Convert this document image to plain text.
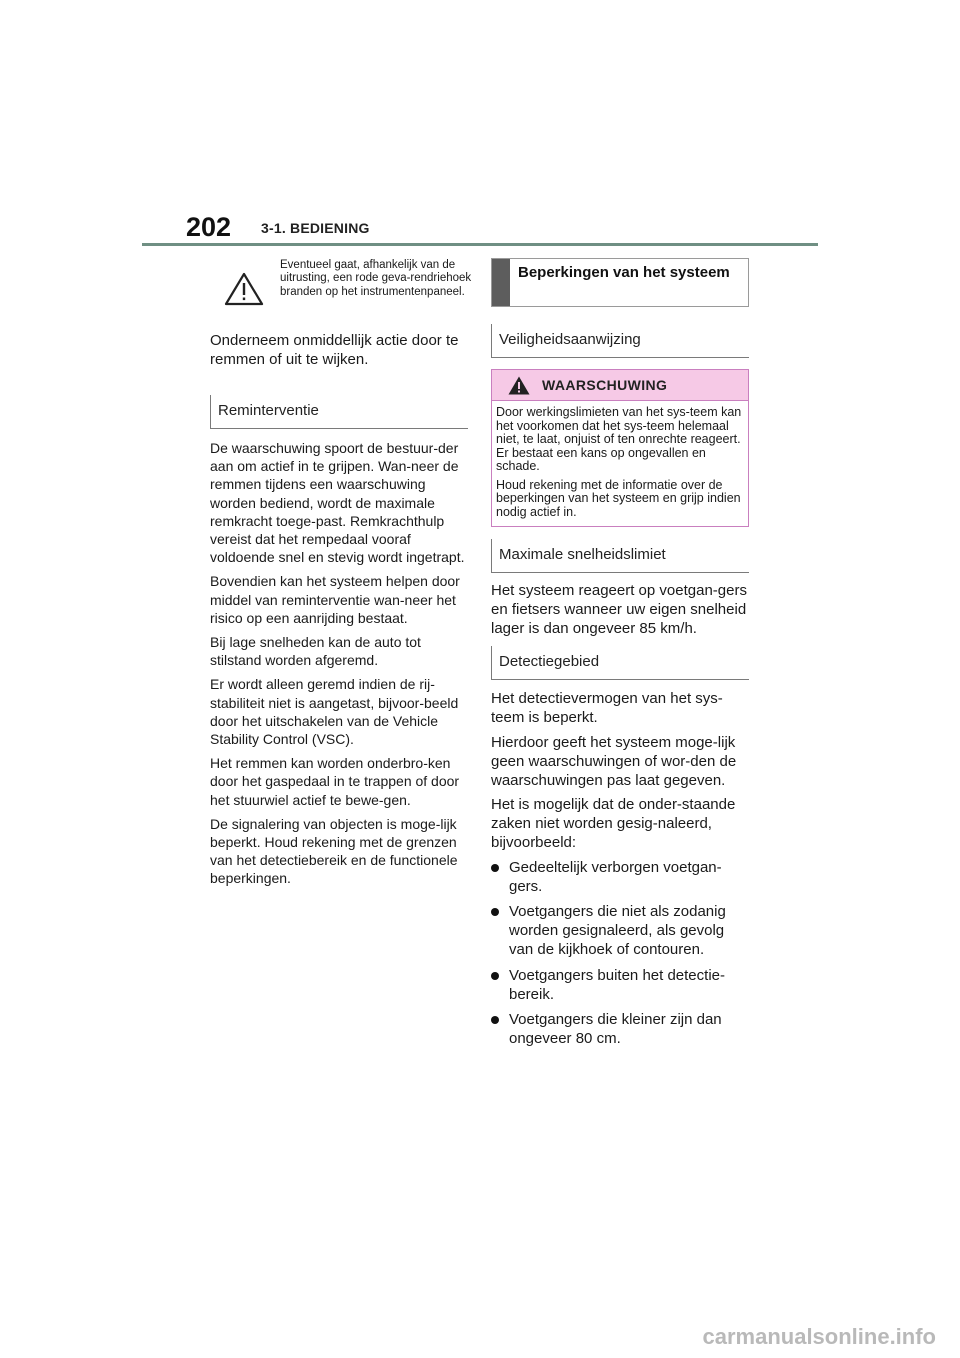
202 3-1. BEDIENING
Eventueel gaat, afhankelijk van de uitrusting, een rode geva-rendriehoek branden op het instrumentenpaneel.

Onderneem onmiddellijk actie door te remmen of uit te wijken.

Reminterventie

De waarschuwing spoort de bestuur-der aan om actief in te grijpen. Wan-neer de remmen tijdens een waarschuwing worden bediend, wordt de maximale remkracht toege-past. Remkrachthulp vereist dat het rempedaal vooraf voldoende snel en stevig wordt ingetrapt.

Bovendien kan het systeem helpen door middel van reminterventie wan-neer het risico op een aanrijding bestaat.

Bij lage snelheden kan de auto tot stilstand worden afgeremd.

Er wordt alleen geremd indien de rij-stabiliteit niet is aangetast, bijvoor-beeld door het uitschakelen van de Vehicle Stability Control (VSC).

Het remmen kan worden onderbro-ken door het gaspedaal in te trappen of door het stuurwiel actief te bewe-gen.

De signalering van objecten is moge-lijk beperkt. Houd rekening met de grenzen van het detectiebereik en de functionele beperkingen.

Beperkingen van het systeem
Veiligheidsaanwijzing
WAARSCHUWING

Door werkingslimieten van het sys-teem kan het voorkomen dat het sys-teem helemaal niet, te laat, onjuist of ten onrechte reageert. Er bestaat een kans op ongevallen en schade.

Houd rekening met de informatie over de beperkingen van het systeem en grijp indien nodig actief in.

Maximale snelheidslimiet

Het systeem reageert op voetgan-gers en fietsers wanneer uw eigen snelheid lager is dan ongeveer 85 km/h.

Detectiegebied

Het detectievermogen van het sys-teem is beperkt.

Hierdoor geeft het systeem moge-lijk geen waarschuwingen of wor-den de waarschuwingen pas laat gegeven.

Het is mogelijk dat de onder-staande zaken niet worden gesig-naleerd, bijvoorbeeld:

Gedeeltelijk verborgen voetgan-gers.
Voetgangers die niet als zodanig worden gesignaleerd, als gevolg van de kijkhoek of contouren.
Voetgangers buiten het detectie-bereik.
Voetgangers die kleiner zijn dan ongeveer 80 cm.
carmanualsonline.info
